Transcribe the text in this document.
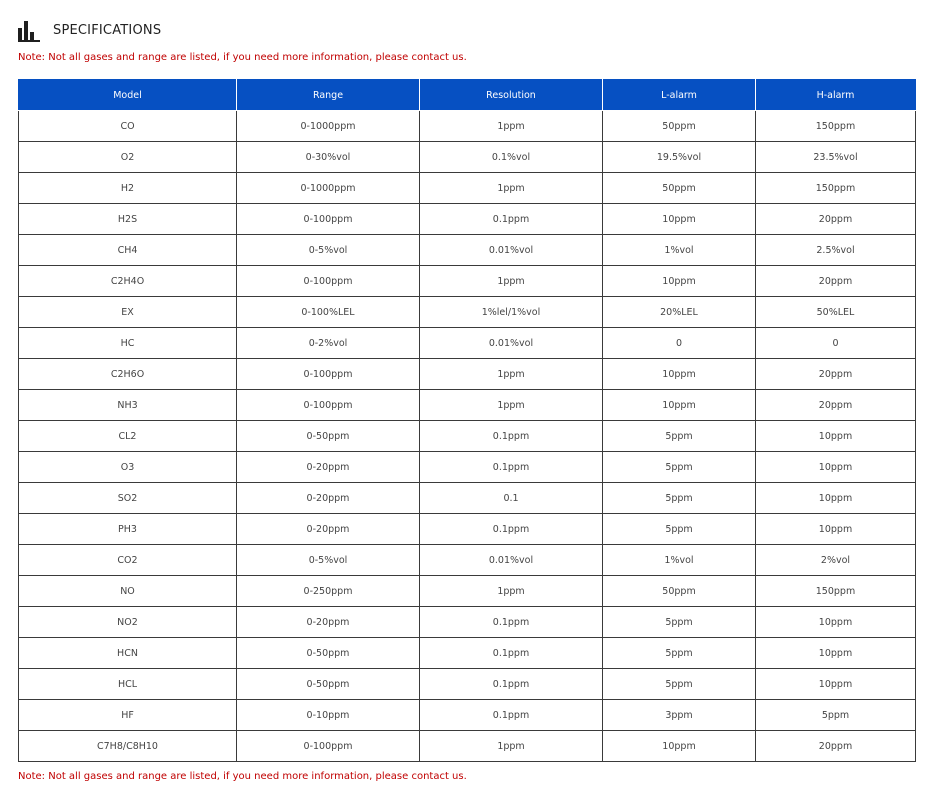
SPECIFICATIONS
Note: Not all gases and range are listed, if you need more information, please contact us.
Model	Range	Resolution	L-alarm	H-alarm
CO	0-1000ppm	1ppm	50ppm	150ppm
O2	0-30%vol	0.1%vol	19.5%vol	23.5%vol
H2	0-1000ppm	1ppm	50ppm	150ppm
H2S	0-100ppm	0.1ppm	10ppm	20ppm
CH4	0-5%vol	0.01%vol	1%vol	2.5%vol
C2H4O	0-100ppm	1ppm	10ppm	20ppm
EX	0-100%LEL	1%lel/1%vol	20%LEL	50%LEL
HC	0-2%vol	0.01%vol	0	0
C2H6O	0-100ppm	1ppm	10ppm	20ppm
NH3	0-100ppm	1ppm	10ppm	20ppm
CL2	0-50ppm	0.1ppm	5ppm	10ppm
O3	0-20ppm	0.1ppm	5ppm	10ppm
SO2	0-20ppm	0.1	5ppm	10ppm
PH3	0-20ppm	0.1ppm	5ppm	10ppm
CO2	0-5%vol	0.01%vol	1%vol	2%vol
NO	0-250ppm	1ppm	50ppm	150ppm
NO2	0-20ppm	0.1ppm	5ppm	10ppm
HCN	0-50ppm	0.1ppm	5ppm	10ppm
HCL	0-50ppm	0.1ppm	5ppm	10ppm
HF	0-10ppm	0.1ppm	3ppm	5ppm
C7H8/C8H10	0-100ppm	1ppm	10ppm	20ppm
Note: Not all gases and range are listed, if you need more information, please contact us.
